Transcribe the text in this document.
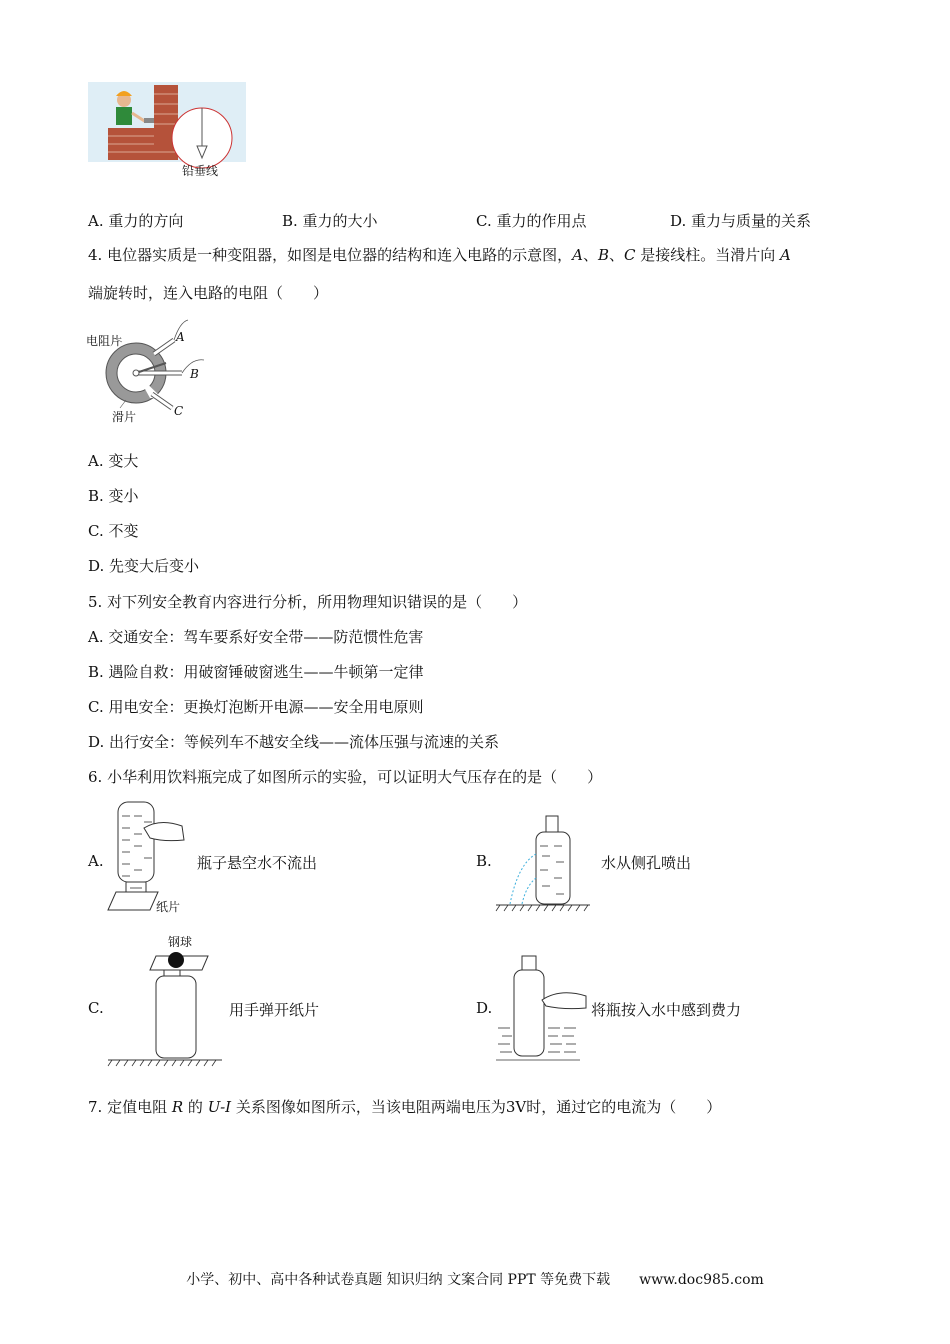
铅垂线
A. 重力的方向	B. 重力的大小	C. 重力的作用点	D. 重力与质量的关系
4. 电位器实质是一种变阻器，如图是电位器的结构和连入电路的示意图，A、B、C 是接线柱。当滑片向 A
端旋转时，连入电路的电阻（　　）
电阻片
滑片
A
B
C
A. 变大
B. 变小
C. 不变
D. 先变大后变小
5. 对下列安全教育内容进行分析，所用物理知识错误的是（　　）
A. 交通安全：驾车要系好安全带——防范惯性危害
B. 遇险自救：用破窗锤破窗逃生——牛顿第一定律
C. 用电安全：更换灯泡断开电源——安全用电原则
D. 出行安全：等候列车不越安全线——流体压强与流速的关系
6. 小华利用饮料瓶完成了如图所示的实验，可以证明大气压存在的是（　　）
A.
纸片
瓶子悬空水不流出	B.	水从侧孔喷出
C.
钢球
用手弹开纸片	D.	将瓶按入水中感到费力
7. 定值电阻 R 的 U-I 关系图像如图所示，当该电阻两端电压为3V时，通过它的电流为（　　）
小学、初中、高中各种试卷真题 知识归纳 文案合同 PPT 等免费下载 www.doc985.com
